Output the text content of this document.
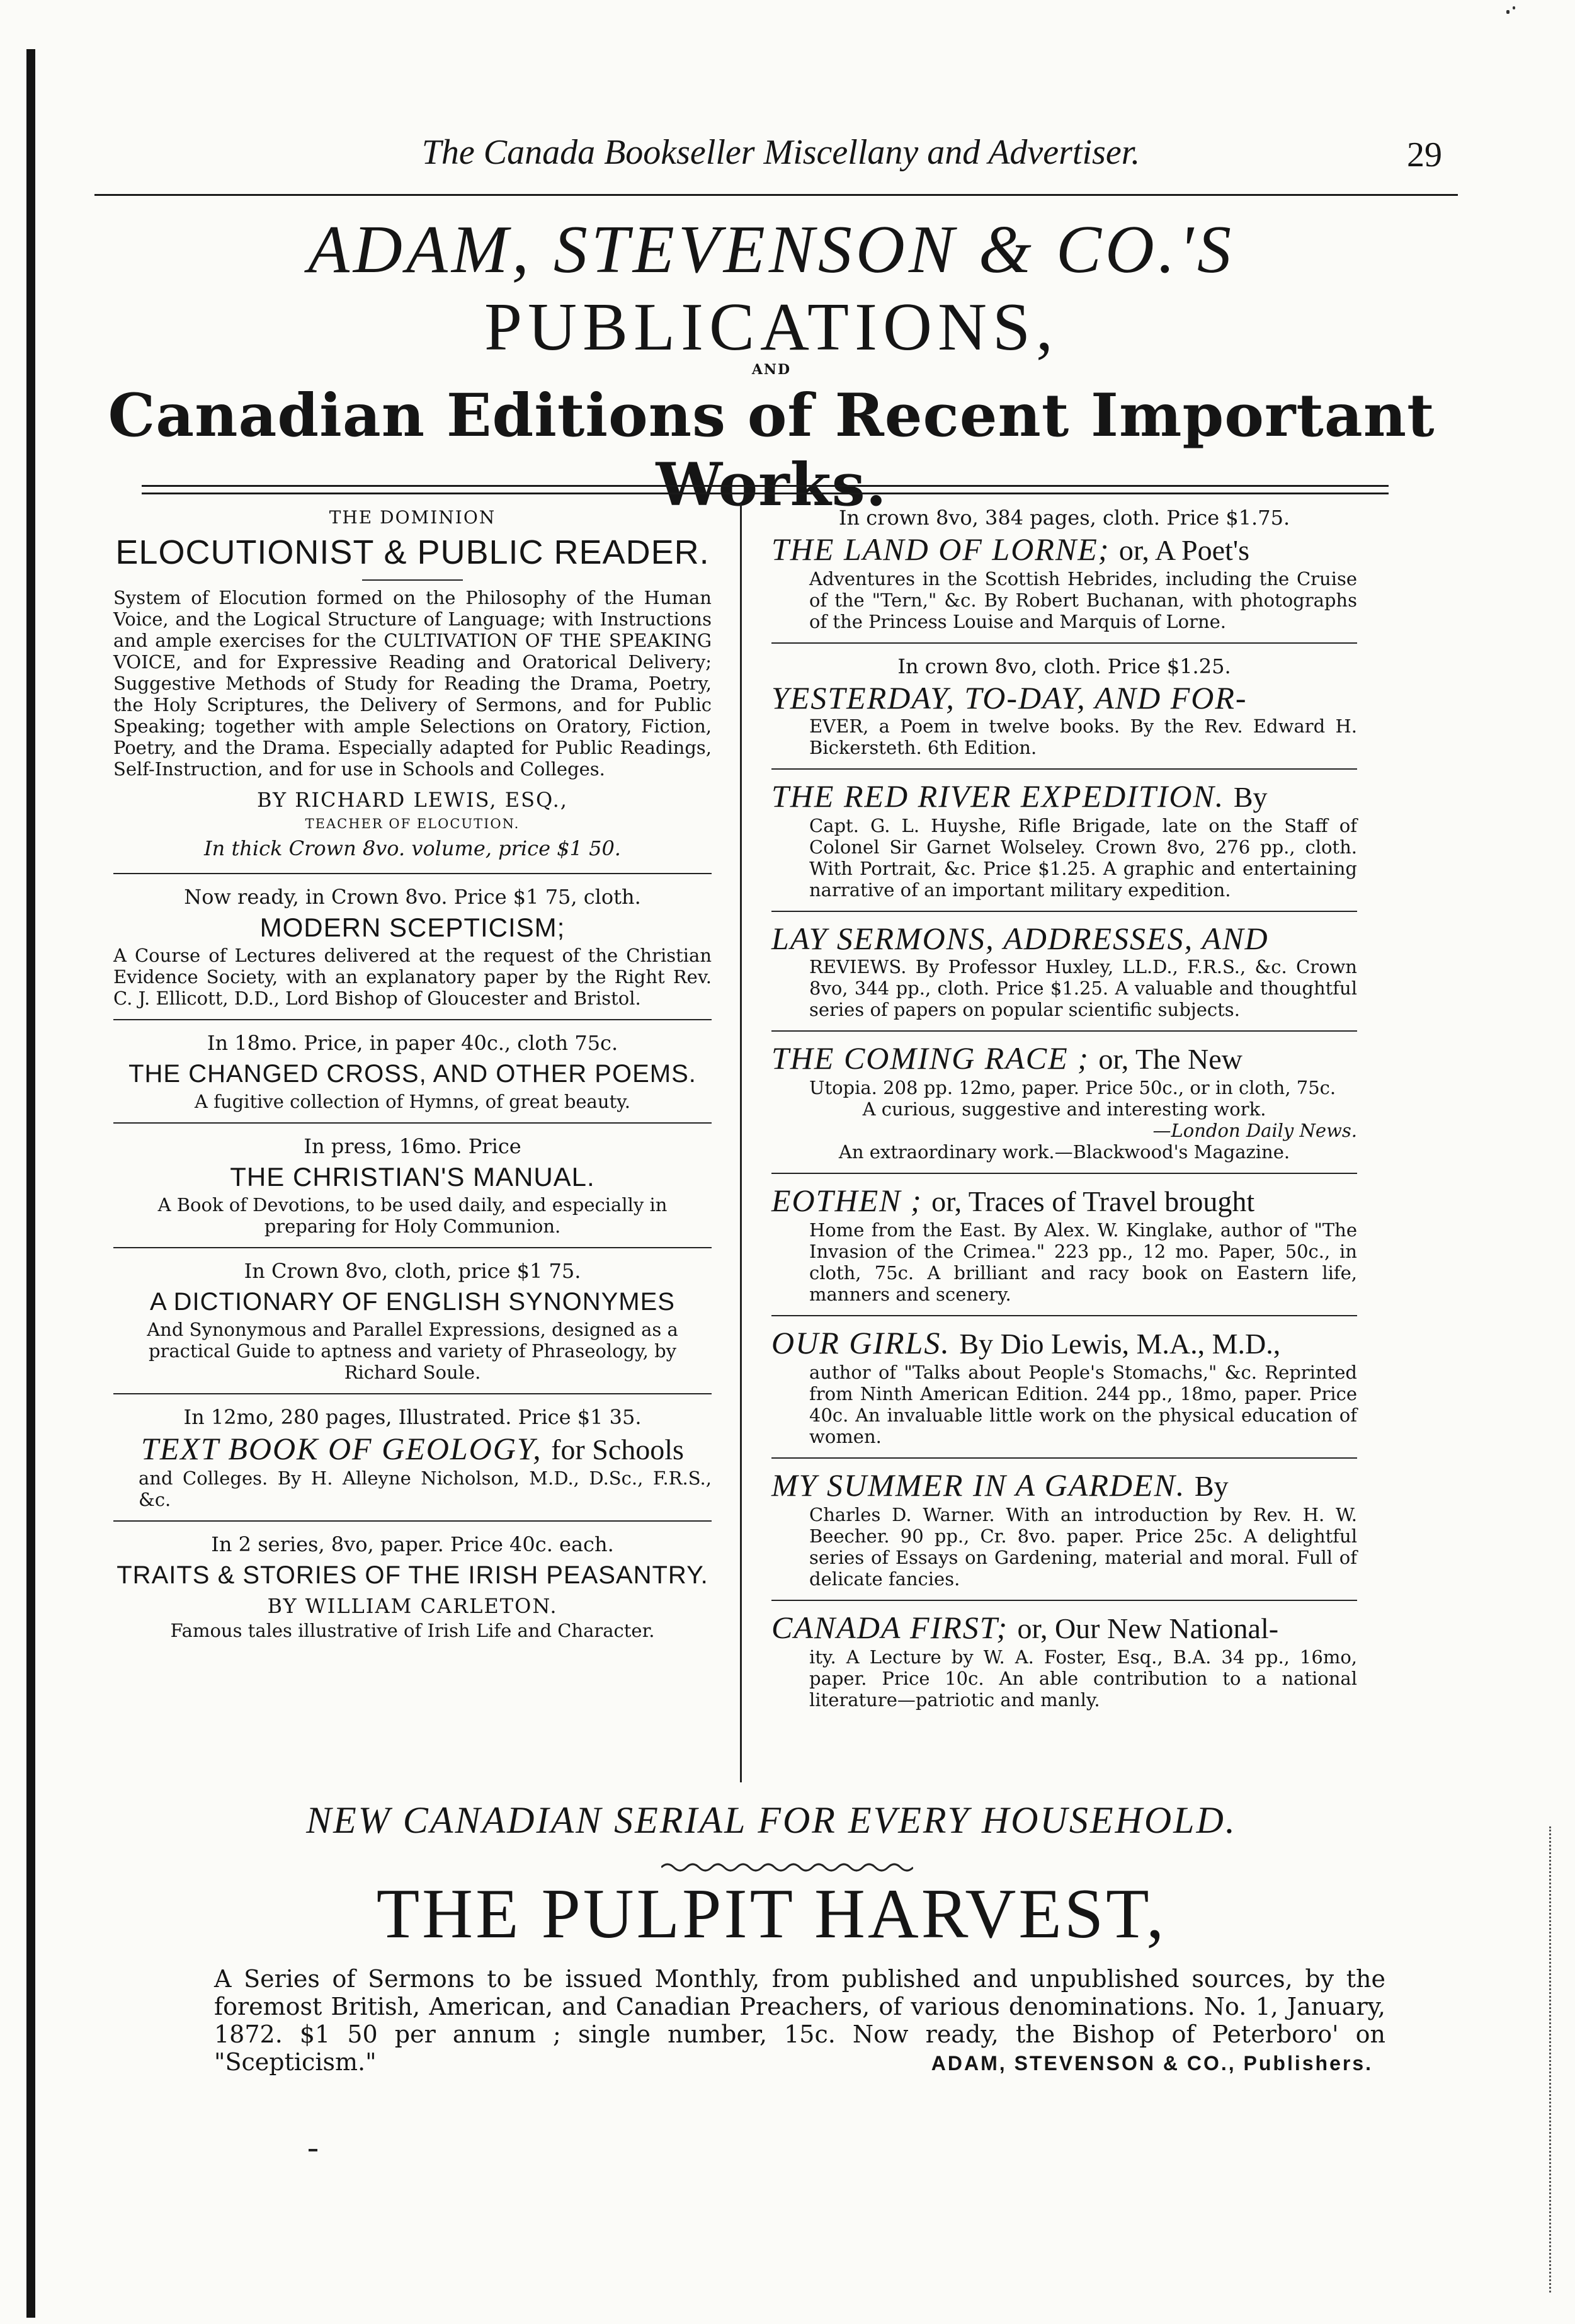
The Canada Bookseller Miscellany and Advertiser.	29
ADAM, STEVENSON & CO.'S
PUBLICATIONS,
AND
Canadian Editions of Recent Important
THE DOMINION
ELOCUTIONIST & PUBLIC READER.
System of Elocution formed on the Philosophy of the Human Voice, and the Logical Structure of Language; with Instructions and ample exercises for the CULTIVATION OF THE SPEAKING VOICE, and for Expressive Reading and Oratorical Delivery; Suggestive Methods of Study for Reading the Drama, Poetry, the Holy Scriptures, the Delivery of Sermons, and for Public Speaking; together with ample Selections on Oratory, Fiction, Poetry, and the Drama. Especially adapted for Public Readings, Self-Instruction, and for use in Schools and Colleges.
BY RICHARD LEWIS, ESQ.,
TEACHER OF ELOCUTION.
In thick Crown 8vo. volume, price $1 50.
Now ready, in Crown 8vo. Price $1 75, cloth.
MODERN SCEPTICISM;
A Course of Lectures delivered at the request of the Christian Evidence Society, with an explanatory paper by the Right Rev. C. J. Ellicott, D.D., Lord Bishop of Gloucester and Bristol.
In 18mo. Price, in paper 40c., cloth 75c.
THE CHANGED CROSS, AND OTHER POEMS.
A fugitive collection of Hymns, of great beauty.
In press, 16mo. Price
THE CHRISTIAN'S MANUAL.
A Book of Devotions, to be used daily, and especially in preparing for Holy Communion.
In Crown 8vo, cloth, price $1 75.
A DICTIONARY OF ENGLISH SYNONYMES
And Synonymous and Parallel Expressions, designed as a practical Guide to aptness and variety of Phraseology, by Richard Soule.
In 12mo, 280 pages, Illustrated. Price $1 35.
TEXT BOOK OF GEOLOGY, for Schools
and Colleges. By H. Alleyne Nicholson, M.D., D.Sc., F.R.S., &c.
In 2 series, 8vo, paper. Price 40c. each.
TRAITS & STORIES OF THE IRISH PEASANTRY.
BY WILLIAM CARLETON.
Famous tales illustrative of Irish Life and Character.
In crown 8vo, 384 pages, cloth. Price $1.75.
THE LAND OF LORNE; or, A Poet's
Adventures in the Scottish Hebrides, including the Cruise of the "Tern," &c. By Robert Buchanan, with photographs of the Princess Louise and Marquis of Lorne.
In crown 8vo, cloth. Price $1.25.
YESTERDAY, TO-DAY, AND FOR-
EVER, a Poem in twelve books. By the Rev. Edward H. Bickersteth. 6th Edition.
THE RED RIVER EXPEDITION. By
Capt. G. L. Huyshe, Rifle Brigade, late on the Staff of Colonel Sir Garnet Wolseley. Crown 8vo, 276 pp., cloth. With Portrait, &c. Price $1.25. A graphic and entertaining narrative of an important military expedition.
LAY SERMONS, ADDRESSES, AND
REVIEWS. By Professor Huxley, LL.D., F.R.S., &c. Crown 8vo, 344 pp., cloth. Price $1.25. A valuable and thoughtful series of papers on popular scientific subjects.
THE COMING RACE ; or, The New
Utopia. 208 pp. 12mo, paper. Price 50c., or in cloth, 75c.
A curious, suggestive and interesting work.
—London Daily News.
An extraordinary work.—Blackwood's Magazine.
EOTHEN ; or, Traces of Travel brought
Home from the East. By Alex. W. Kinglake, author of "The Invasion of the Crimea." 223 pp., 12 mo. Paper, 50c., in cloth, 75c. A brilliant and racy book on Eastern life, manners and scenery.
OUR GIRLS. By Dio Lewis, M.A., M.D.,
author of "Talks about People's Stomachs," &c. Reprinted from Ninth American Edition. 244 pp., 18mo, paper. Price 40c. An invaluable little work on the physical education of women.
MY SUMMER IN A GARDEN. By
Charles D. Warner. With an introduction by Rev. H. W. Beecher. 90 pp., Cr. 8vo. paper. Price 25c. A delightful series of Essays on Gardening, material and moral. Full of delicate fancies.
CANADA FIRST; or, Our New National-
ity. A Lecture by W. A. Foster, Esq., B.A. 34 pp., 16mo, paper. Price 10c. An able contribution to a national literature—patriotic and manly.
NEW CANADIAN SERIAL FOR EVERY HOUSEHOLD.
THE PULPIT HARVEST,
A Series of Sermons to be issued Monthly, from published and unpublished sources, by the foremost British, American, and Canadian Preachers, of various denominations. No. 1, January, 1872. $1 50 per annum ; single number, 15c. Now ready, the Bishop of Peterboro' on "Scepticism."	ADAM, STEVENSON & CO., Publishers.
